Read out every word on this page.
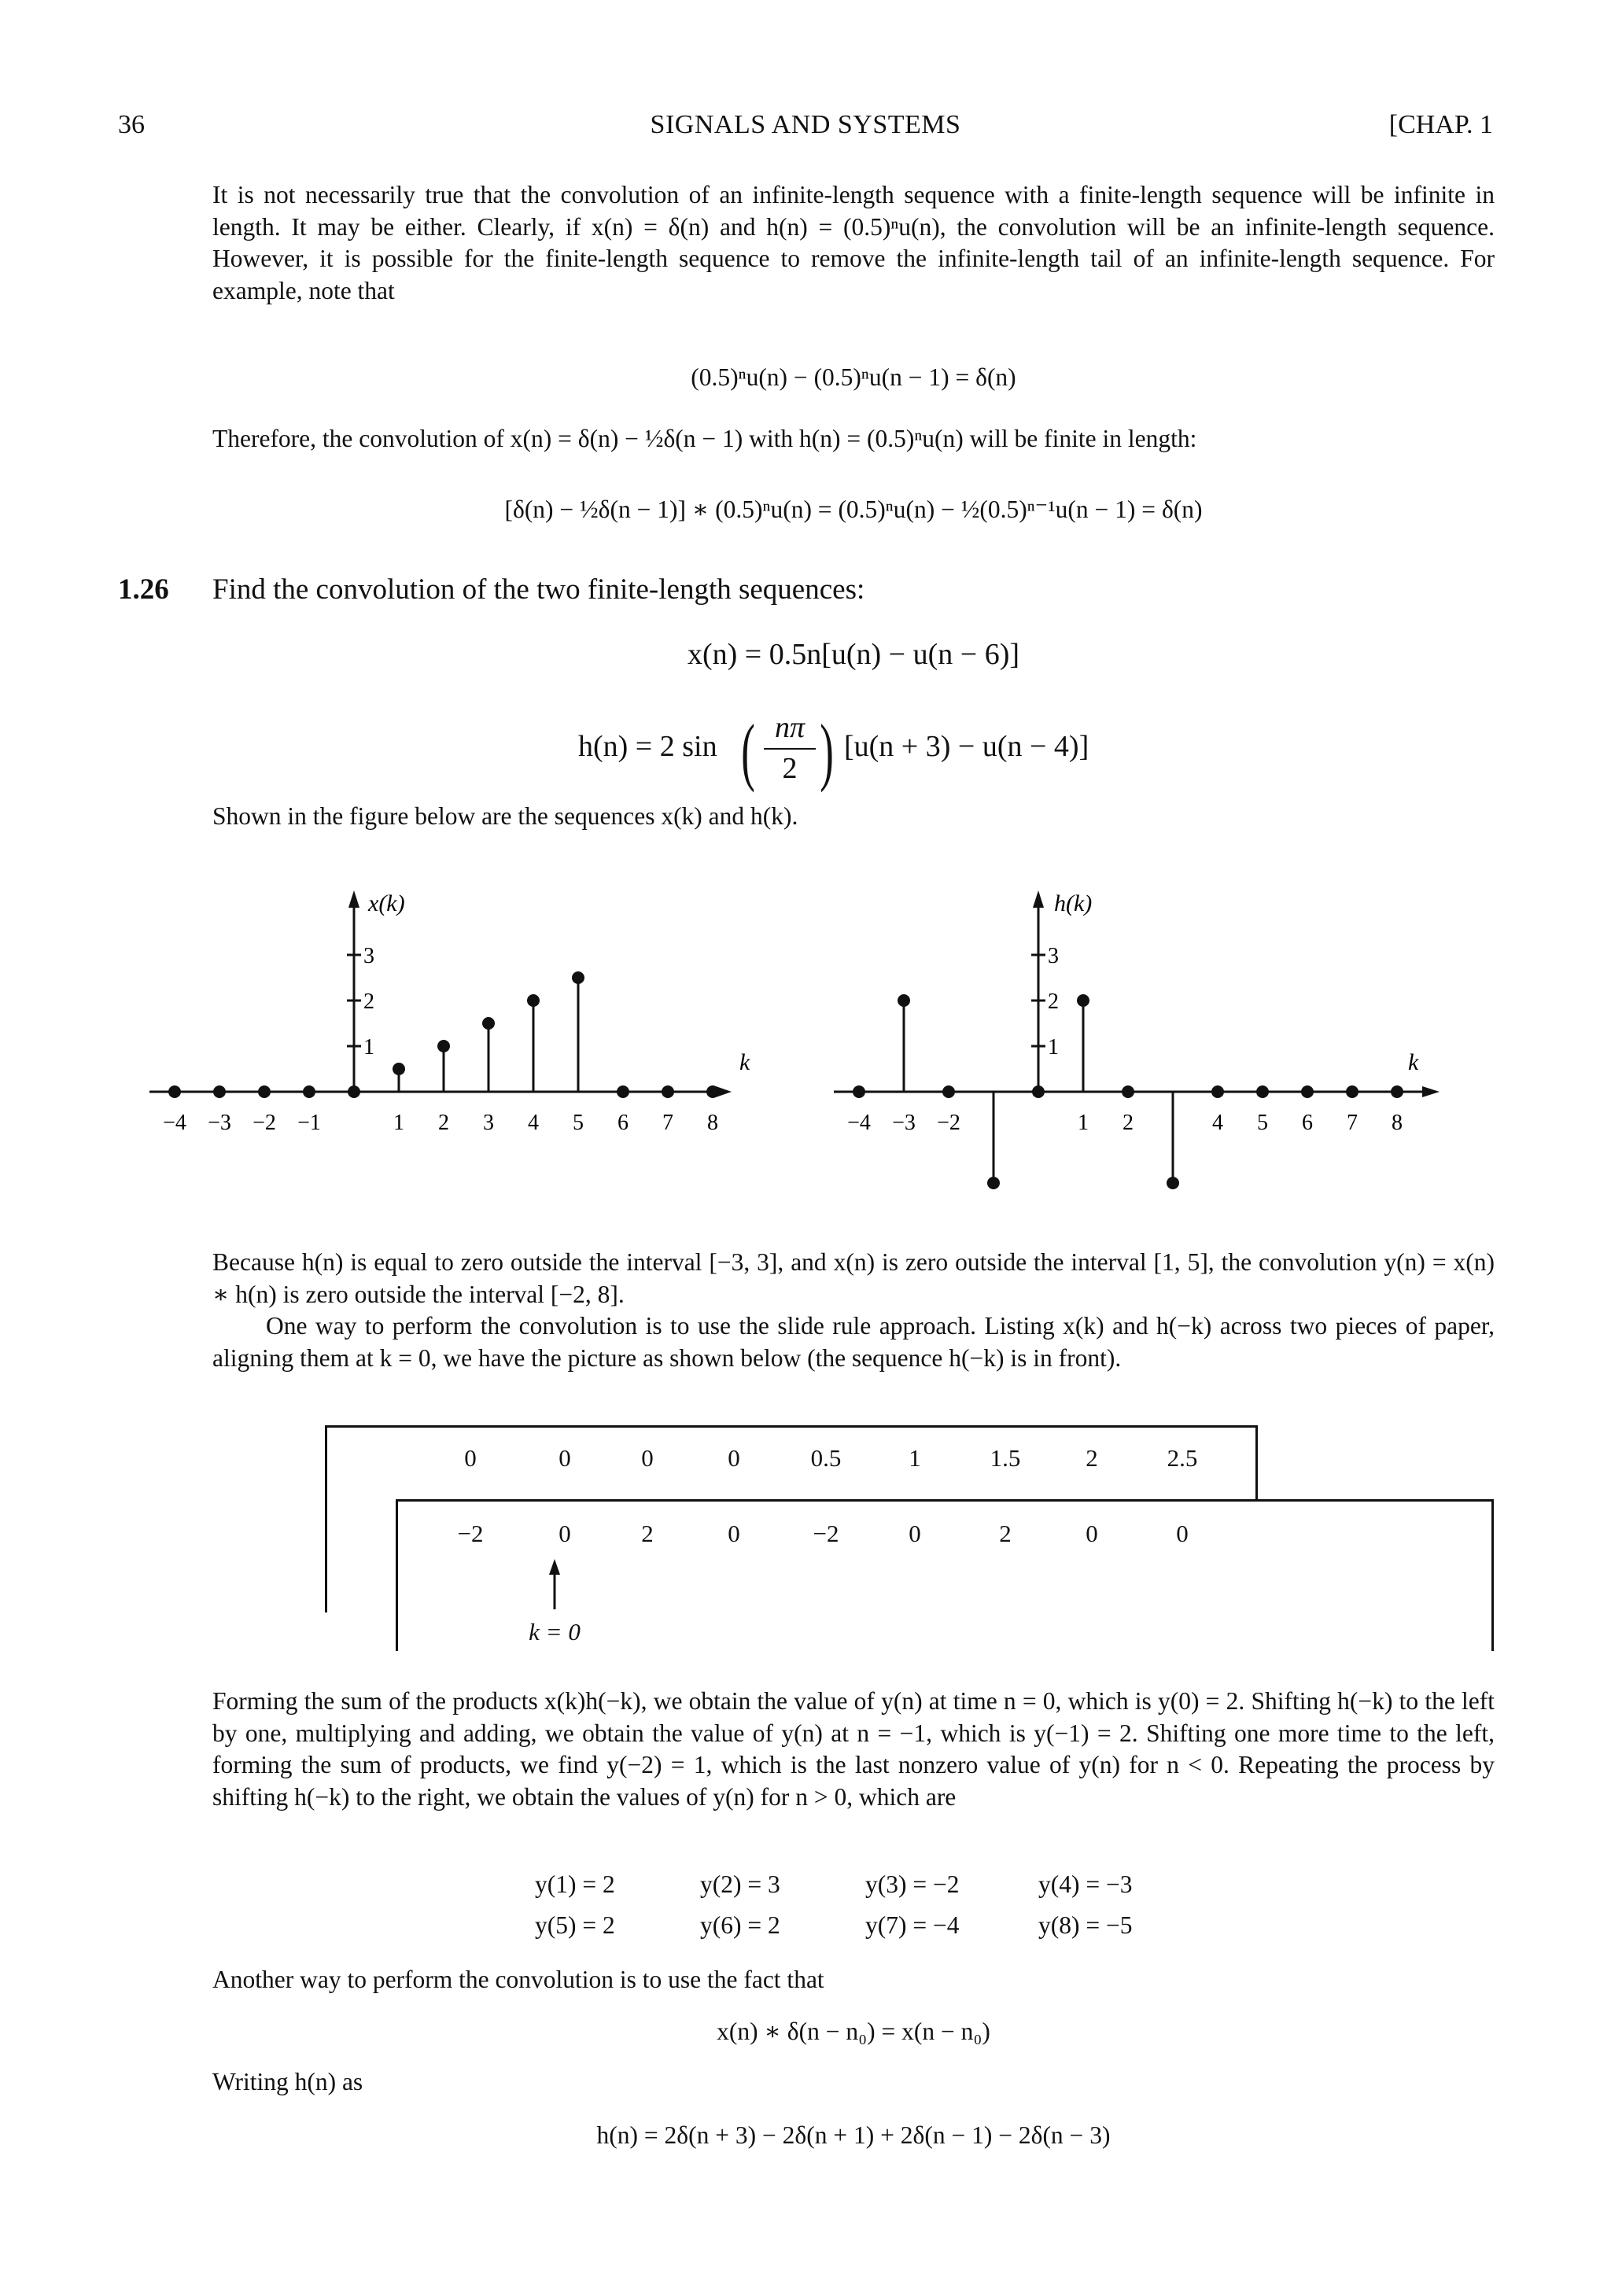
36	SIGNALS AND SYSTEMS	[CHAP. 1

It is not necessarily true that the convolution of an infinite-length sequence with a finite-length sequence will be infinite in length. It may be either. Clearly, if x(n) = δ(n) and h(n) = (0.5)ⁿu(n), the convolution will be an infinite-length sequence. However, it is possible for the finite-length sequence to remove the infinite-length tail of an infinite-length sequence. For example, note that

(0.5)ⁿu(n) − (0.5)ⁿu(n − 1) = δ(n)

Therefore, the convolution of x(n) = δ(n) − ½δ(n − 1) with h(n) = (0.5)ⁿu(n) will be finite in length:

[δ(n) − ½δ(n − 1)] ∗ (0.5)ⁿu(n) = (0.5)ⁿu(n) − ½(0.5)ⁿ⁻¹u(n − 1) = δ(n)
1.26 Find the convolution of the two finite-length sequences:
x(n) = 0.5n[u(n) − u(n − 6)]
h(n) = 2 sin ( nπ
2 ) [u(n + 3) − u(n − 4)]

Shown in the figure below are the sequences x(k) and h(k).

x(k)
k
1
2
3
−4 −3 −2 −1	1 2 3 4 5 6 7 8
h(k)
k
1
2
3
−4 −3 −2	1 2	4 5 6 7 8

Because h(n) is equal to zero outside the interval [−3, 3], and x(n) is zero outside the interval [1, 5], the convolution y(n) = x(n) ∗ h(n) is zero outside the interval [−2, 8].

One way to perform the convolution is to use the slide rule approach. Listing x(k) and h(−k) across two pieces of paper, aligning them at k = 0, we have the picture as shown below (the sequence h(−k) is in front).

0	0	0	0	0.5	1	1.5	2	2.5
−2	0	2	0	−2	0	2	0	0
k = 0

Forming the sum of the products x(k)h(−k), we obtain the value of y(n) at time n = 0, which is y(0) = 2. Shifting h(−k) to the left by one, multiplying and adding, we obtain the value of y(n) at n = −1, which is y(−1) = 2. Shifting one more time to the left, forming the sum of products, we find y(−2) = 1, which is the last nonzero value of y(n) for n < 0. Repeating the process by shifting h(−k) to the right, we obtain the values of y(n) for n > 0, which are

y(1) = 2	y(2) = 3	y(3) = −2	y(4) = −3
y(5) = 2	y(6) = 2	y(7) = −4	y(8) = −5

Another way to perform the convolution is to use the fact that

x(n) ∗ δ(n − n₀) = x(n − n₀)

Writing h(n) as

h(n) = 2δ(n + 3) − 2δ(n + 1) + 2δ(n − 1) − 2δ(n − 3)
